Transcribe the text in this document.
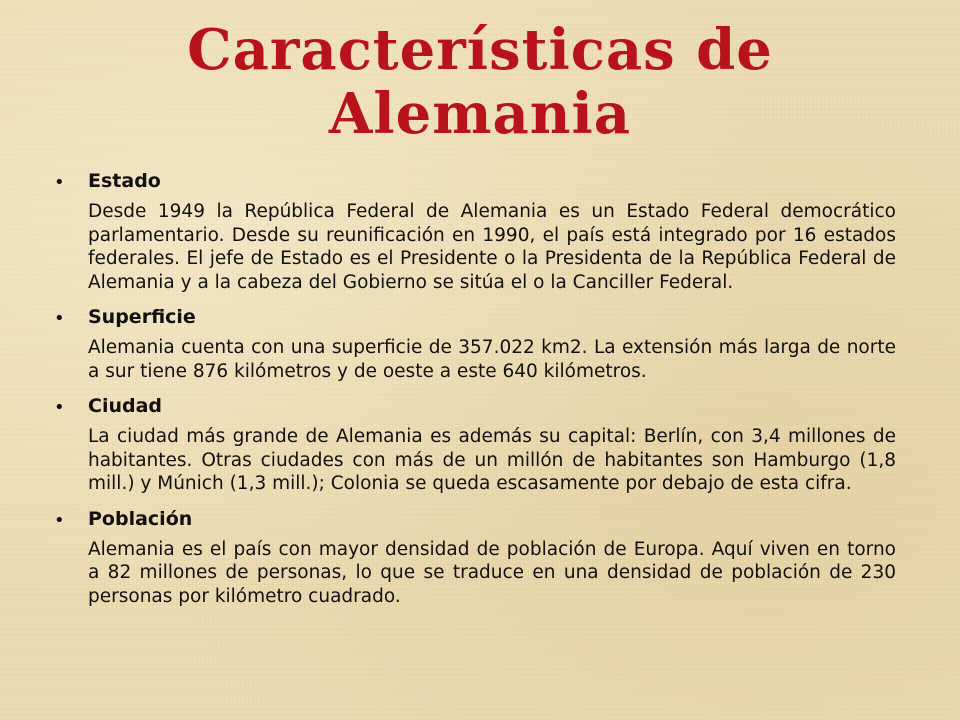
Características de Alemania
• Estado

Desde 1949 la República Federal de Alemania es un Estado Federal democrático parlamentario. Desde su reunificación en 1990, el país está integrado por 16 estados federales. El jefe de Estado es el Presidente o la Presidenta de la República Federal de Alemania y a la cabeza del Gobierno se sitúa el o la Canciller Federal.

• Superficie

Alemania cuenta con una superficie de 357.022 km2. La extensión más larga de norte a sur tiene 876 kilómetros y de oeste a este 640 kilómetros.

• Ciudad

La ciudad más grande de Alemania es además su capital: Berlín, con 3,4 millones de habitantes. Otras ciudades con más de un millón de habitantes son Hamburgo (1,8 mill.) y Múnich (1,3 mill.); Colonia se queda escasamente por debajo de esta cifra.

• Población

Alemania es el país con mayor densidad de población de Europa. Aquí viven en torno a 82 millones de personas, lo que se traduce en una densidad de población de 230 personas por kilómetro cuadrado.
